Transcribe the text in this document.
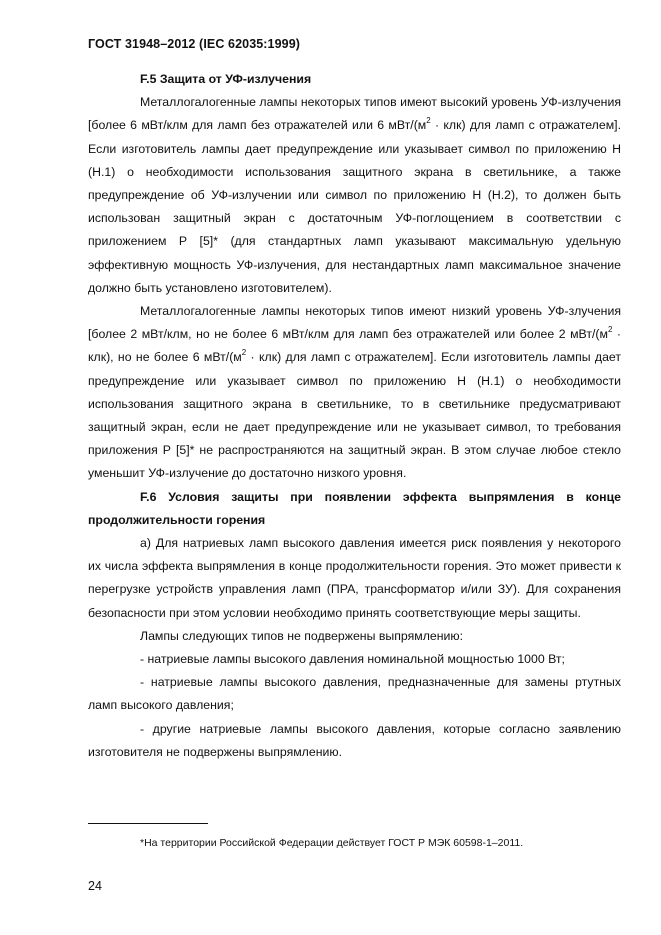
ГОСТ 31948–2012 (IEC 62035:1999)

F.5 Защита от УФ-излучения

Металлогалогенные лампы некоторых типов имеют высокий уровень УФ-излучения [более 6 мВт/клм для ламп без отражателей или 6 мВт/$(м^2 \cdot клк)$ для ламп с отражателем]. Если изготовитель лампы дает предупреждение или указывает символ по приложению Н (Н.1) о необходимости использования защитного экрана в светильнике, а также предупреждение об УФ-излучении или символ по приложению Н (Н.2), то должен быть использован защитный экран с достаточным УФ-поглощением в соответствии с приложением Р [5]* (для стандартных ламп указывают максимальную удельную эффективную мощность УФ-излучения, для нестандартных ламп максимальное значение должно быть установлено изготовителем).

Металлогалогенные лампы некоторых типов имеют низкий уровень УФ-злучения [более 2 мВт/клм, но не более 6 мВт/клм для ламп без отражателей или более 2 мВт/$(м^2 \cdot клк)$, но не более 6 мВт/$(м^2 \cdot клк)$ для ламп с отражателем]. Если изготовитель лампы дает предупреждение или указывает символ по приложению Н (Н.1) о необходимости использования защитного экрана в светильнике, то в светильнике предусматривают защитный экран, если не дает предупреждение или не указывает символ, то требования приложения Р [5]* не распространяются на защитный экран. В этом случае любое стекло уменьшит УФ-излучение до достаточно низкого уровня.

F.6 Условия защиты при появлении эффекта выпрямления в конце продолжительности горения

а) Для натриевых ламп высокого давления имеется риск появления у некоторого их числа эффекта выпрямления в конце продолжительности горения. Это может привести к перегрузке устройств управления ламп (ПРА, трансформатор и/или ЗУ). Для сохранения безопасности при этом условии необходимо принять соответствующие меры защиты.

Лампы следующих типов не подвержены выпрямлению:

- натриевые лампы высокого давления номинальной мощностью 1000 Вт;

- натриевые лампы высокого давления, предназначенные для замены ртутных ламп высокого давления;

- другие натриевые лампы высокого давления, которые согласно заявлению изготовителя не подвержены выпрямлению.

*На территории Российской Федерации действует ГОСТ Р МЭК 60598-1–2011.
24
